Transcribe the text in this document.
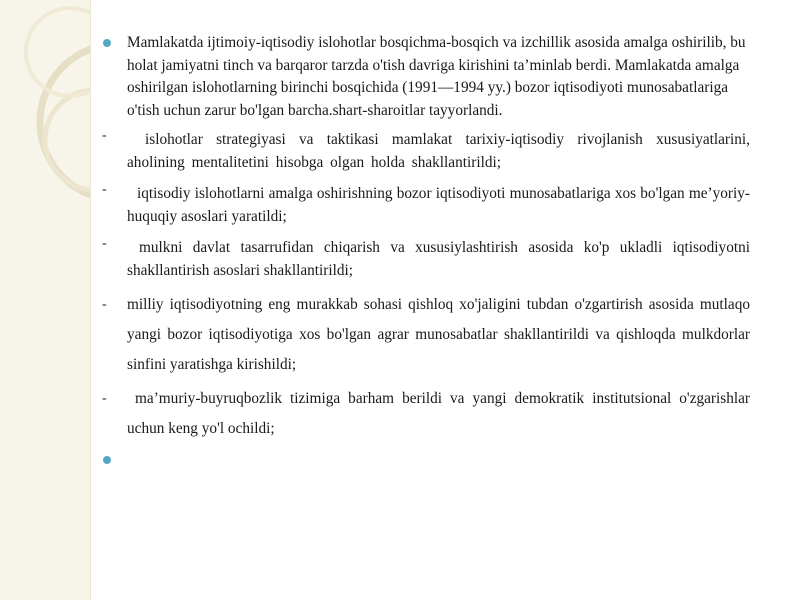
Mamlakatda ijtimoiy-iqtisodiy islohotlar bosqichma-bosqich va izchillik asosida amalga oshirilib, bu holat jamiyatni tinch va barqaror tarzda o'tish davriga kirishini ta’minlab berdi. Mamlakatda amalga oshirilgan islohotlarning birinchi bosqichida (1991—1994 yy.) bozor iqtisodiyoti munosabatlariga o'tish uchun zarur bo'lgan barcha.shart-sharoitlar tayyorlandi.
-	islohotlar strategiyasi va taktikasi mamlakat tarixiy-iqtisodiy rivojlanish xususiyatlarini, aholining mentalitetini hisobga olgan holda shakllantirildi;
- iqtisodiy islohotlarni amalga oshirishning bozor iqtisodiyoti munosabatlariga xos bo'lgan me’yoriy-huquqiy asoslari yaratildi;
- mulkni davlat tasarrufidan chiqarish va xususiylashtirish asosida ko'p ukladli iqtisodiyotni shakllantirish asoslari shakllantirildi;
- milliy iqtisodiyotning eng murakkab sohasi qishloq xo'jaligini tubdan o'zgartirish asosida mutlaqo yangi bozor iqtisodiyotiga xos bo'lgan agrar munosabatlar shakllantirildi va qishloqda mulkdorlar sinfini yaratishga kirishildi;
- ma’muriy-buyruqbozlik tizimiga barham berildi va yangi demokratik institutsional o'zgarishlar uchun keng yo'l ochildi;
